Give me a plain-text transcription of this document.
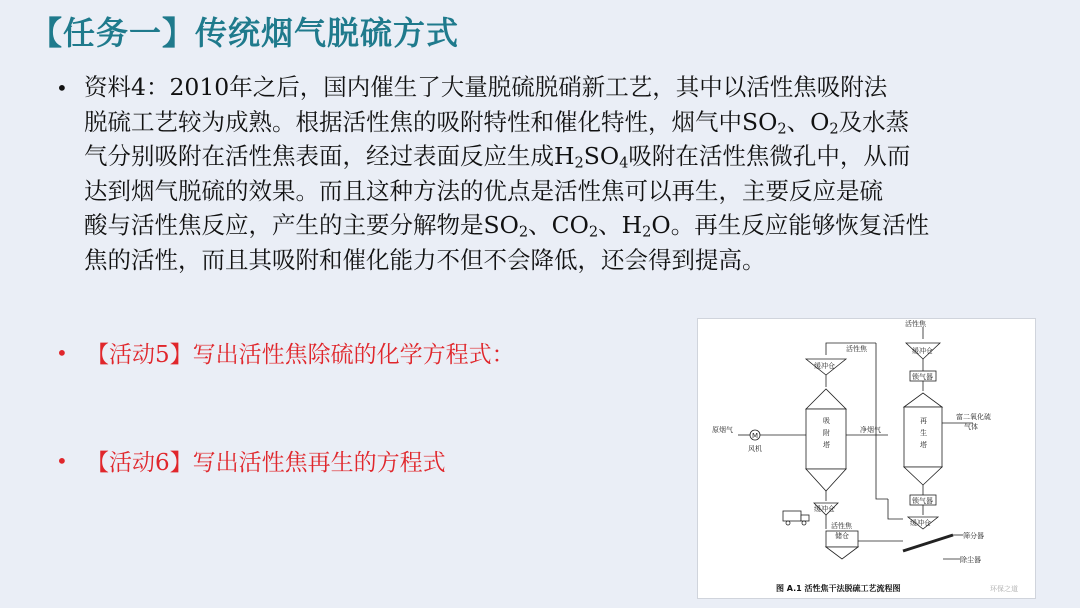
【任务一】传统烟气脱硫方式
• 资料4：2010年之后，国内催生了大量脱硫脱硝新工艺，其中以活性焦吸附法
脱硫工艺较为成熟。根据活性焦的吸附特性和催化特性，烟气中$SO_2$、$O_2$及水蒸
气分别吸附在活性焦表面，经过表面反应生成$H_2SO_4$吸附在活性焦微孔中，从而
达到烟气脱硫的效果。而且这种方法的优点是活性焦可以再生，主要反应是硫
酸与活性焦反应，产生的主要分解物是$SO_2$、$CO_2$、$H_2O$。再生反应能够恢复活性
焦的活性，而且其吸附和催化能力不但不会降低，还会得到提高。
• 【活动5】写出活性焦除硫的化学方程式：
• 【活动6】写出活性焦再生的方程式
活性焦
活性焦
缓冲仓
缓冲仓
锁气器
锁气器
缓冲仓
缓冲仓
吸
附
塔
再
生
塔
原烟气
M
风机
净烟气
富二氧化硫
气体
活性焦
储仓	筛分器
除尘器
图 A.1 活性焦干法脱硫工艺流程图	环保之道
